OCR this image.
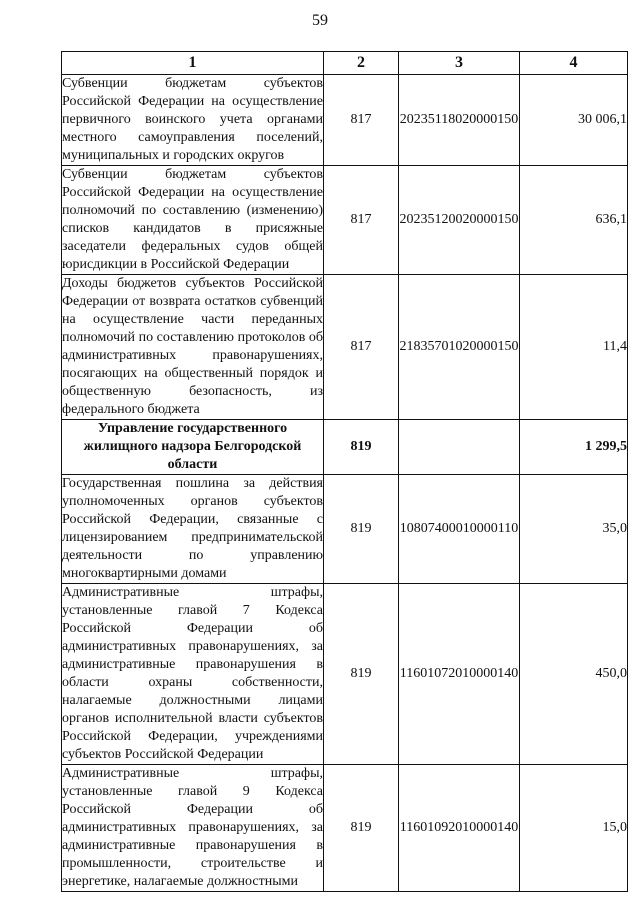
59
1	2	3	4
Субвенции бюджетам субъектов Российской Федерации на осуществление первичного воинского учета органами местного самоуправления поселений, муниципальных и городских округов	817	20235118020000150	30 006,1
Субвенции бюджетам субъектов Российской Федерации на осуществление полномочий по составлению (изменению) списков кандидатов в присяжные заседатели федеральных судов общей юрисдикции в Российской Федерации	817	20235120020000150	636,1
Доходы бюджетов субъектов Российской Федерации от возврата остатков субвенций на осуществление части переданных полномочий по составлению протоколов об административных правонарушениях, посягающих на общественный порядок и общественную безопасность, из федерального бюджета	817	21835701020000150	11,4
Управление государственного жилищного надзора Белгородской области	819		1 299,5
Государственная пошлина за действия уполномоченных органов субъектов Российской Федерации, связанные с лицензированием предпринимательской деятельности по управлению многоквартирными домами	819	10807400010000110	35,0
Административные штрафы, установленные главой 7 Кодекса Российской Федерации об административных правонарушениях, за административные правонарушения в области охраны собственности, налагаемые должностными лицами органов исполнительной власти субъектов Российской Федерации, учреждениями субъектов Российской Федерации	819	11601072010000140	450,0
Административные штрафы, установленные главой 9 Кодекса Российской Федерации об административных правонарушениях, за административные правонарушения в промышленности, строительстве и энергетике, налагаемые должностными	819	11601092010000140	15,0
